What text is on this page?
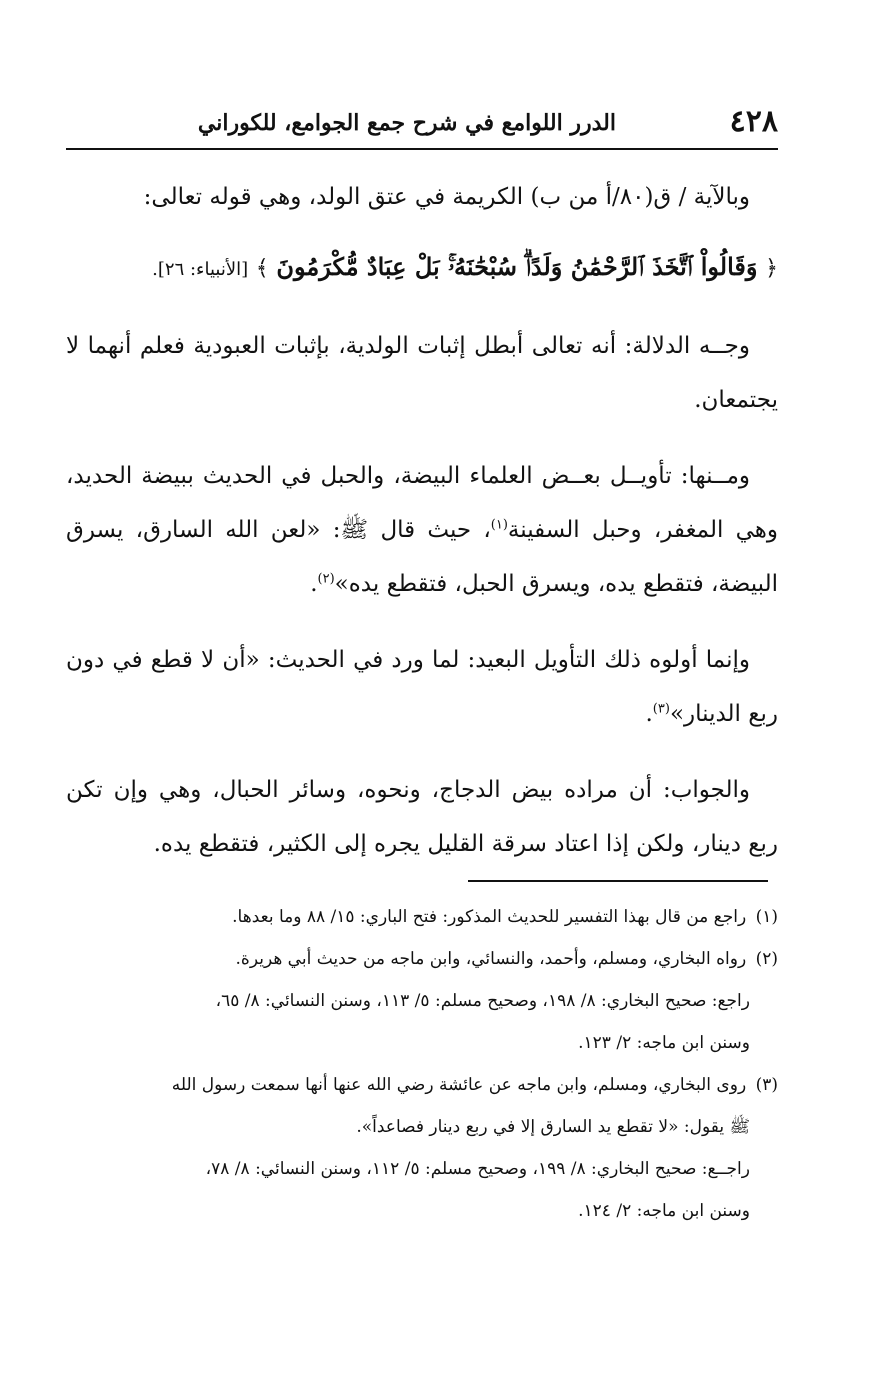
٤٢٨
الدرر اللوامع في شرح جمع الجوامع، للكوراني

وبالآية / ق(٨٠/أ من ب) الكريمة في عتق الولد، وهي قوله تعالى:

﴿ وَقَالُواْ ٱتَّخَذَ ٱلرَّحْمَٰنُ وَلَدًاۗ سُبْحَٰنَهُۥۚ بَلْ عِبَادٌ مُّكْرَمُونَ ﴾ [الأنبياء: ٢٦].

وجــه الدلالة: أنه تعالى أبطل إثبات الولدية، بإثبات العبودية فعلم أنهما لا يجتمعان.

ومــنها: تأويــل بعــض العلماء البيضة، والحبل في الحديث ببيضة الحديد، وهي المغفر، وحبل السفينة$^{(١)}$، حيث قال ﷺ: «لعن الله السارق، يسرق البيضة، فتقطع يده، ويسرق الحبل، فتقطع يده»$^{(٢)}$.

وإنما أولوه ذلك التأويل البعيد: لما ورد في الحديث: «أن لا قطع في دون ربع الدينار»$^{(٣)}$.

والجواب: أن مراده بيض الدجاج، ونحوه، وسائر الحبال، وهي وإن تكن ربع دينار، ولكن إذا اعتاد سرقة القليل يجره إلى الكثير، فتقطع يده.

(١) راجع من قال بهذا التفسير للحديث المذكور: فتح الباري: ١٥/ ٨٨ وما بعدها.

(٢) رواه البخاري، ومسلم، وأحمد، والنسائي، وابن ماجه من حديث أبي هريرة.

راجع: صحيح البخاري: ٨/ ١٩٨، وصحيح مسلم: ٥/ ١١٣، وسنن النسائي: ٨/ ٦٥،

وسنن ابن ماجه: ٢/ ١٢٣.

(٣) روى البخاري، ومسلم، وابن ماجه عن عائشة رضي الله عنها أنها سمعت رسول الله

ﷺ يقول: «لا تقطع يد السارق إلا في ربع دينار فصاعداً».

راجــع: صحيح البخاري: ٨/ ١٩٩، وصحيح مسلم: ٥/ ١١٢، وسنن النسائي: ٨/ ٧٨،

وسنن ابن ماجه: ٢/ ١٢٤.
